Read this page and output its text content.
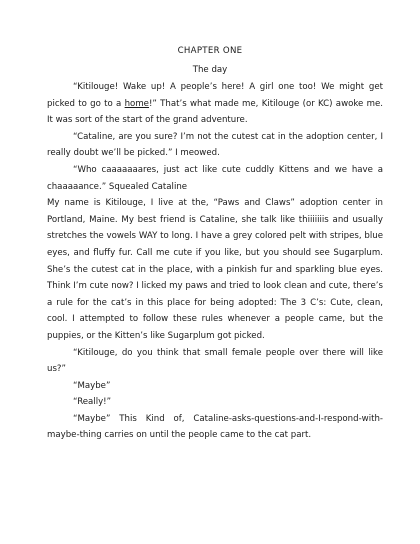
CHAPTER ONE
The day

“Kitilouge! Wake up! A people’s here! A girl one too! We might get picked to go to a home!” That’s what made me, Kitilouge (or KC) awoke me. It was sort of the start of the grand adventure.

“Cataline, are you sure? I’m not the cutest cat in the adoption center, I really doubt we’ll be picked.” I meowed.

“Who caaaaaaares, just act like cute cuddly Kittens and we have a chaaaaance.” Squealed Cataline

My name is Kitilouge, I live at the, “Paws and Claws” adoption center in Portland, Maine. My best friend is Cataline, she talk like thiiiiiiis and usually stretches the vowels WAY to long. I have a grey colored pelt with stripes, blue eyes, and fluffy fur. Call me cute if you like, but you should see Sugarplum. She’s the cutest cat in the place, with a pinkish fur and sparkling blue eyes. Think I’m cute now? I licked my paws and tried to look clean and cute, there’s a rule for the cat’s in this place for being adopted: The 3 C’s: Cute, clean, cool. I attempted to follow these rules whenever a people came, but the puppies, or the Kitten’s like Sugarplum got picked.

“Kitilouge, do you think that small female people over there will like us?”

“Maybe”

“Really!”

“Maybe” This Kind of, Cataline-asks-questions-and-I-respond-with-maybe-thing carries on until the people came to the cat part.
